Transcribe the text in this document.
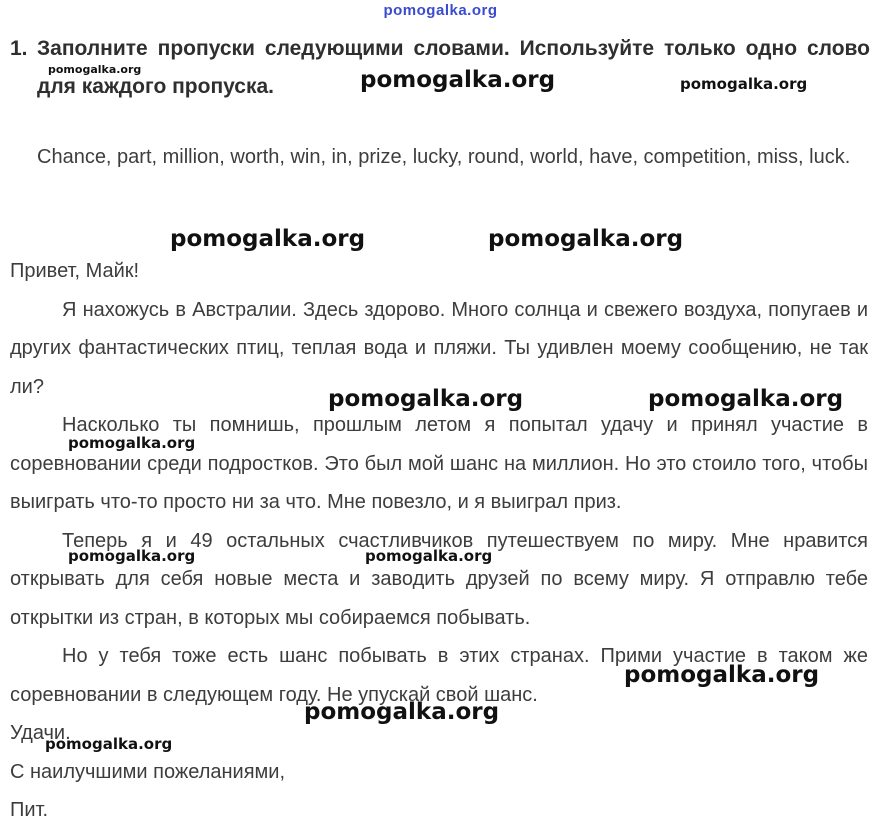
pomogalka.org
1. Заполните пропуски следующими словами. Используйте только одно слово для каждого пропуска.
Chance, part, million, worth, win, in, prize, lucky, round, world, have, competition, miss, luck.

Привет, Майк!

Я нахожусь в Австралии. Здесь здорово. Много солнца и свежего воздуха, попугаев и других фантастических птиц, теплая вода и пляжи. Ты удивлен моему сообщению, не так ли?

Насколько ты помнишь, прошлым летом я попытал удачу и принял участие в соревновании среди подростков. Это был мой шанс на миллион. Но это стоило того, чтобы выиграть что-то просто ни за что. Мне повезло, и я выиграл приз.

Теперь я и 49 остальных счастливчиков путешествуем по миру. Мне нравится открывать для себя новые места и заводить друзей по всему миру. Я отправлю тебе открытки из стран, в которых мы собираемся побывать.

Но у тебя тоже есть шанс побывать в этих странах. Прими участие в таком же соревновании в следующем году. Не упускай свой шанс.

Удачи.

С наилучшими пожеланиями,

Пит.

pomogalka.org	pomogalka.org	pomogalka.org
pomogalka.org	pomogalka.org
pomogalka.org	pomogalka.org
pomogalka.org
pomogalka.org	pomogalka.org
pomogalka.org
pomogalka.org
pomogalka.org
